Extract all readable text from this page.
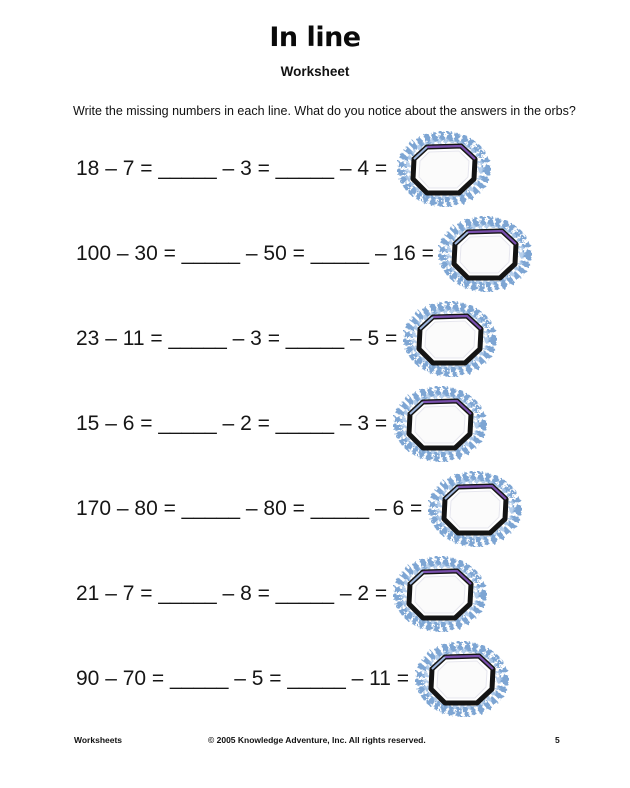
In line
Worksheet
Write the missing numbers in each line. What do you notice about the answers in the orbs?
18 – 7 = _____ – 3 = _____ – 4 =
100 – 30 = _____ – 50 = _____ – 16 =
23 – 11 = _____ – 3 = _____ – 5 =
15 – 6 = _____ – 2 = _____ – 3 =
170 – 80 = _____ – 80 = _____ – 6 =
21 – 7 = _____ – 8 = _____ – 2 =
90 – 70 = _____ – 5 = _____ – 11 =
Worksheets	© 2005 Knowledge Adventure, Inc. All rights reserved.	5
